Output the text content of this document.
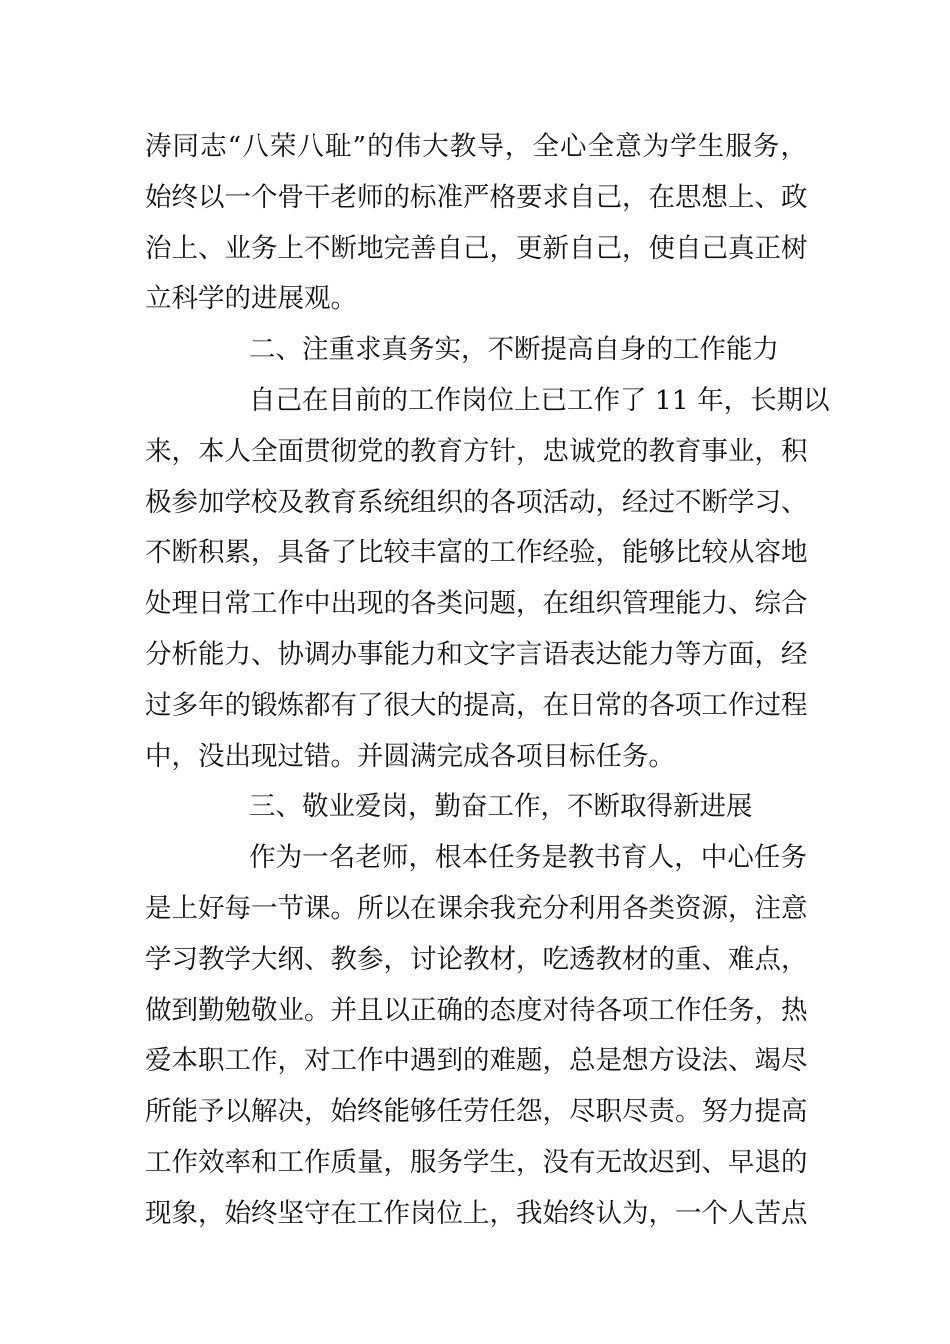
涛同志“八荣八耻”的伟大教导，全心全意为学生服务，
始终以一个骨干老师的标准严格要求自己，在思想上、政
治上、业务上不断地完善自己，更新自己，使自己真正树
立科学的进展观。
二、注重求真务实，不断提高自身的工作能力
自己在目前的工作岗位上已工作了 11 年，长期以
来，本人全面贯彻党的教育方针，忠诚党的教育事业，积
极参加学校及教育系统组织的各项活动，经过不断学习、
不断积累，具备了比较丰富的工作经验，能够比较从容地
处理日常工作中出现的各类问题，在组织管理能力、综合
分析能力、协调办事能力和文字言语表达能力等方面，经
过多年的锻炼都有了很大的提高，在日常的各项工作过程
中，没出现过错。并圆满完成各项目标任务。
三、敬业爱岗，勤奋工作，不断取得新进展
作为一名老师，根本任务是教书育人，中心任务
是上好每一节课。所以在课余我充分利用各类资源，注意
学习教学大纲、教参，讨论教材，吃透教材的重、难点，
做到勤勉敬业。并且以正确的态度对待各项工作任务，热
爱本职工作，对工作中遇到的难题，总是想方设法、竭尽
所能予以解决，始终能够任劳任怨，尽职尽责。努力提高
工作效率和工作质量，服务学生，没有无故迟到、早退的
现象，始终坚守在工作岗位上，我始终认为，一个人苦点
